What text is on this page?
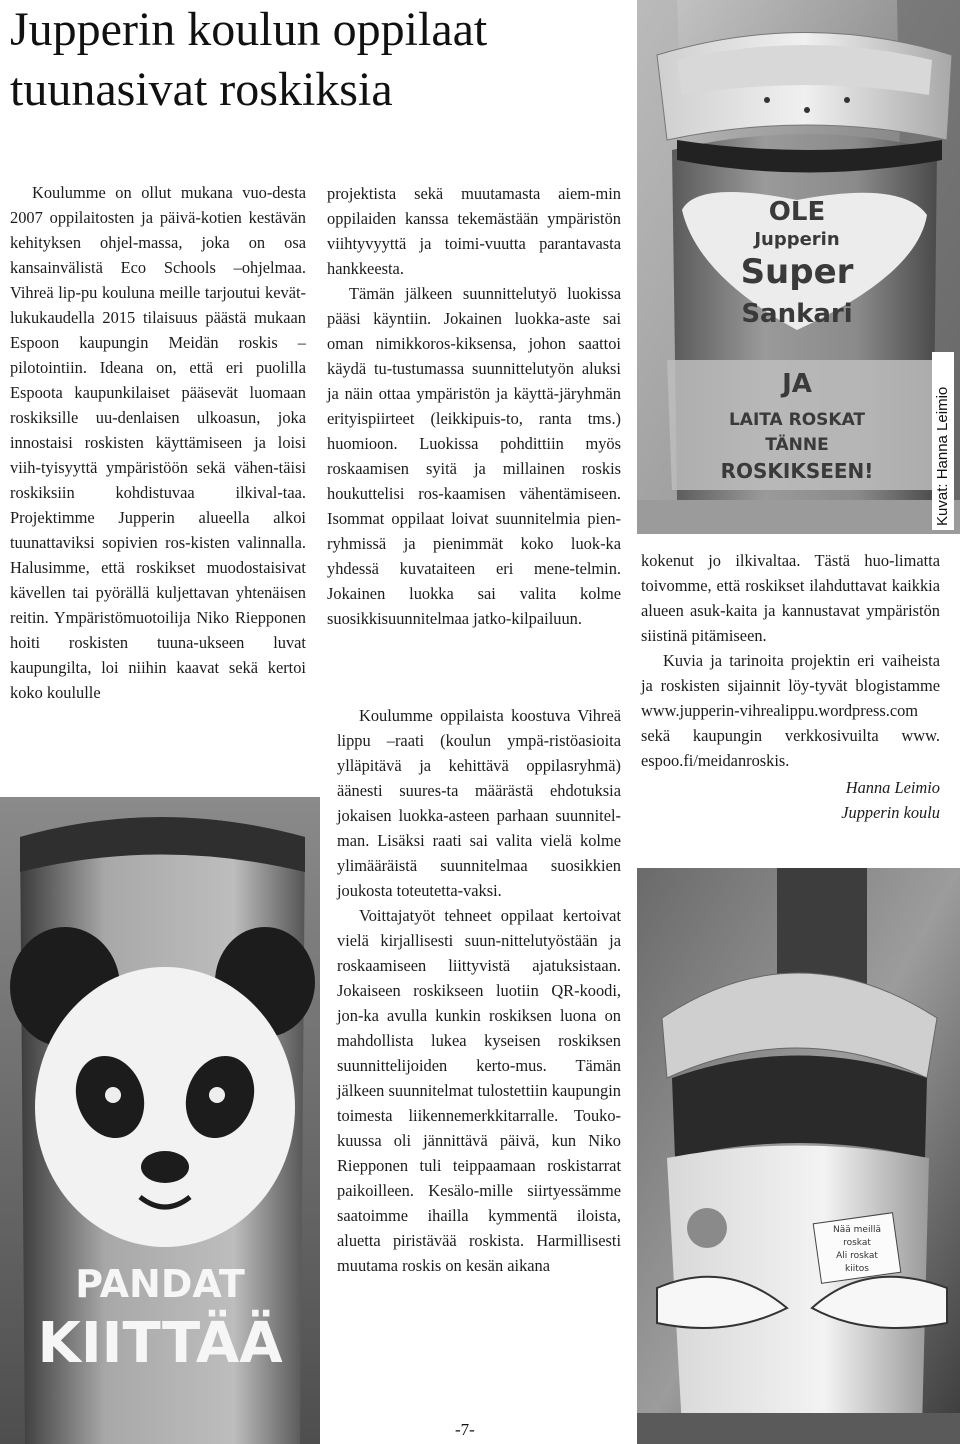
Jupperin koulun oppilaat
tuunasivat roskiksia

Koulumme on ollut mukana vuo-desta 2007 oppilaitosten ja päivä-kotien kestävän kehityksen ohjel-massa, joka on osa kansainvälistä Eco Schools –ohjelmaa. Vihreä lip-pu kouluna meille tarjoutui kevät-lukukaudella 2015 tilaisuus päästä mukaan Espoon kaupungin Meidän roskis –pilotointiin. Ideana on, että eri puolilla Espoota kaupunkilaiset pääsevät luomaan roskiksille uu-denlaisen ulkoasun, joka innostaisi roskisten käyttämiseen ja loisi viih-tyisyyttä ympäristöön sekä vähen-täisi roskiksiin kohdistuvaa ilkival-taa. Projektimme Jupperin alueella alkoi tuunattaviksi sopivien ros-kisten valinnalla. Halusimme, että roskikset muodostaisivat kävellen tai pyörällä kuljettavan yhtenäisen reitin. Ympäristömuotoilija Niko Riepponen hoiti roskisten tuuna-ukseen luvat kaupungilta, loi niihin kaavat sekä kertoi koko koululle

projektista sekä muutamasta aiem-min oppilaiden kanssa tekemästään ympäristön viihtyvyyttä ja toimi-vuutta parantavasta hankkeesta.

Tämän jälkeen suunnittelutyö luokissa pääsi käyntiin. Jokainen luokka-aste sai oman nimikkoros-kiksensa, johon saattoi käydä tu-tustumassa suunnittelutyön aluksi ja näin ottaa ympäristön ja käyttä-järyhmän erityispiirteet (leikkipuis-to, ranta tms.) huomioon. Luokissa pohdittiin myös roskaamisen syitä ja millainen roskis houkuttelisi ros-kaamisen vähentämiseen. Isommat oppilaat loivat suunnitelmia pien-ryhmissä ja pienimmät koko luok-ka yhdessä kuvataiteen eri mene-telmin. Jokainen luokka sai valita kolme suosikkisuunnitelmaa jatko-kilpailuun.

Koulumme oppilaista koostuva Vihreä lippu –raati (koulun ympä-ristöasioita ylläpitävä ja kehittävä oppilasryhmä) äänesti suures-ta määrästä ehdotuksia jokaisen luokka-asteen parhaan suunnitel-man. Lisäksi raati sai valita vielä kolme ylimääräistä suunnitelmaa suosikkien joukosta toteutetta-vaksi.

Voittajatyöt tehneet oppilaat kertoivat vielä kirjallisesti suun-nittelutyöstään ja roskaamiseen liittyvistä ajatuksistaan. Jokaiseen roskikseen luotiin QR-koodi, jon-ka avulla kunkin roskiksen luona on mahdollista lukea kyseisen roskiksen suunnittelijoiden kerto-mus. Tämän jälkeen suunnitelmat tulostettiin kaupungin toimesta liikennemerkkitarralle. Touko-kuussa oli jännittävä päivä, kun Niko Riepponen tuli teippaamaan roskistarrat paikoilleen. Kesälo-mille siirtyessämme saatoimme ihailla kymmentä iloista, aluetta piristävää roskista. Harmillisesti muutama roskis on kesän aikana

kokenut jo ilkivaltaa. Tästä huo-limatta toivomme, että roskikset ilahduttavat kaikkia alueen asuk-kaita ja kannustavat ympäristön siistinä pitämiseen.

Kuvia ja tarinoita projektin eri vaiheista ja roskisten sijainnit löy-tyvät blogistamme www.jupperin-vihrealippu.wordpress.com sekä kaupungin verkkosivuilta www. espoo.fi/meidanroskis.

Hanna Leimio
Jupperin koulu
OLE
Jupperin
Super
Sankari
JA
LAITA ROSKAT
TÄNNE
ROSKIKSEEN!
PANDAT
KIITTÄÄ
Nää meillä
roskat
Ali roskat
kiitos
Kuvat: Hanna Leimio
-7-
